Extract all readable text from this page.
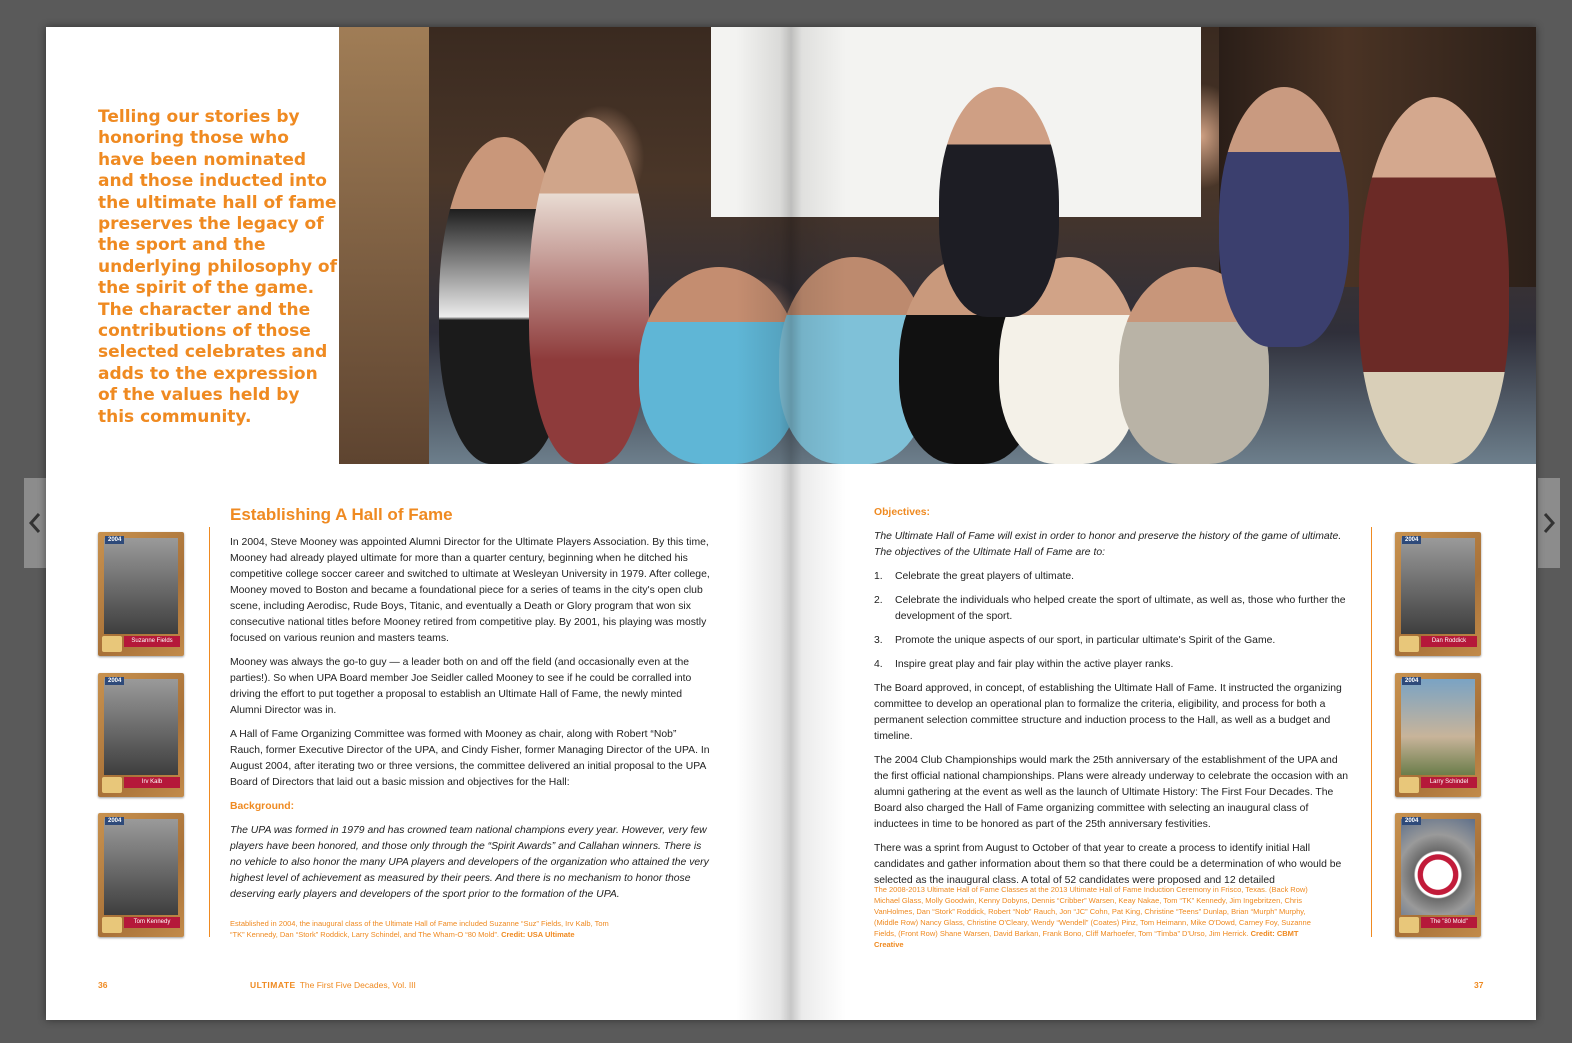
Telling our stories by honoring those who have been nominated and those inducted into the ultimate hall of fame preserves the legacy of the sport and the underlying philosophy of the spirit of the game. The character and the contributions of those selected celebrates and adds to the expression of the values held by this community.

2004
Suzanne Fields
2004
Irv Kalb
2004
Tom Kennedy
Establishing A Hall of Fame

In 2004, Steve Mooney was appointed Alumni Director for the Ultimate Players Association. By this time, Mooney had already played ultimate for more than a quarter century, beginning when he ditched his competitive college soccer career and switched to ultimate at Wesleyan University in 1979. After college, Mooney moved to Boston and became a foundational piece for a series of teams in the city's open club scene, including Aerodisc, Rude Boys, Titanic, and eventually a Death or Glory program that won six consecutive national titles before Mooney retired from competitive play. By 2001, his playing was mostly focused on various reunion and masters teams.

Mooney was always the go-to guy — a leader both on and off the field (and occasionally even at the parties!). So when UPA Board member Joe Seidler called Mooney to see if he could be corralled into driving the effort to put together a proposal to establish an Ultimate Hall of Fame, the newly minted Alumni Director was in.

A Hall of Fame Organizing Committee was formed with Mooney as chair, along with Robert “Nob” Rauch, former Executive Director of the UPA, and Cindy Fisher, former Managing Director of the UPA. In August 2004, after iterating two or three versions, the committee delivered an initial proposal to the UPA Board of Directors that laid out a basic mission and objectives for the Hall:

Background:

The UPA was formed in 1979 and has crowned team national champions every year. However, very few players have been honored, and those only through the “Spirit Awards” and Callahan winners. There is no vehicle to also honor the many UPA players and developers of the organization who attained the very highest level of achievement as measured by their peers. And there is no mechanism to honor those deserving early players and developers of the sport prior to the formation of the UPA.

Established in 2004, the inaugural class of the Ultimate Hall of Fame included Suzanne “Suz” Fields, Irv Kalb, Tom “TK” Kennedy, Dan “Stork” Roddick, Larry Schindel, and The Wham-O “80 Mold”. Credit: USA Ultimate
36	ULTIMATE The First Five Decades, Vol. III
Objectives:

The Ultimate Hall of Fame will exist in order to honor and preserve the history of the game of ultimate. The objectives of the Ultimate Hall of Fame are to:

1.	Celebrate the great players of ultimate.
2.	Celebrate the individuals who helped create the sport of ultimate, as well as, those who further the development of the sport.
3.	Promote the unique aspects of our sport, in particular ultimate's Spirit of the Game.
4.	Inspire great play and fair play within the active player ranks.

The Board approved, in concept, of establishing the Ultimate Hall of Fame. It instructed the organizing committee to develop an operational plan to formalize the criteria, eligibility, and process for both a permanent selection committee structure and induction process to the Hall, as well as a budget and timeline.

The 2004 Club Championships would mark the 25th anniversary of the establishment of the UPA and the first official national championships. Plans were already underway to celebrate the occasion with an alumni gathering at the event as well as the launch of Ultimate History: The First Four Decades. The Board also charged the Hall of Fame organizing committee with selecting an inaugural class of inductees in time to be honored as part of the 25th anniversary festivities.

There was a sprint from August to October of that year to create a process to identify initial Hall candidates and gather information about them so that there could be a determination of who would be selected as the inaugural class. A total of 52 candidates were proposed and 12 detailed

The 2008-2013 Ultimate Hall of Fame Classes at the 2013 Ultimate Hall of Fame Induction Ceremony in Frisco, Texas. (Back Row) Michael Glass, Molly Goodwin, Kenny Dobyns, Dennis “Cribber” Warsen, Keay Nakae, Tom “TK” Kennedy, Jim Ingebritzen, Chris VanHolmes, Dan “Stork” Roddick, Robert “Nob” Rauch, Jon “JC” Cohn, Pat King, Christine “Teens” Dunlap, Brian “Murph” Murphy, (Middle Row) Nancy Glass, Christine O'Cleary, Wendy “Wendell” (Coates) Pinz, Tom Heimann, Mike O'Dowd, Carney Foy, Suzanne Fields, (Front Row) Shane Warsen, David Barkan, Frank Bono, Cliff Marhoefer, Tom “Timba” D'Urso, Jim Herrick. Credit: CBMT Creative
2004
Dan Roddick
2004
Larry Schindel
2004
The "80 Mold"
37
